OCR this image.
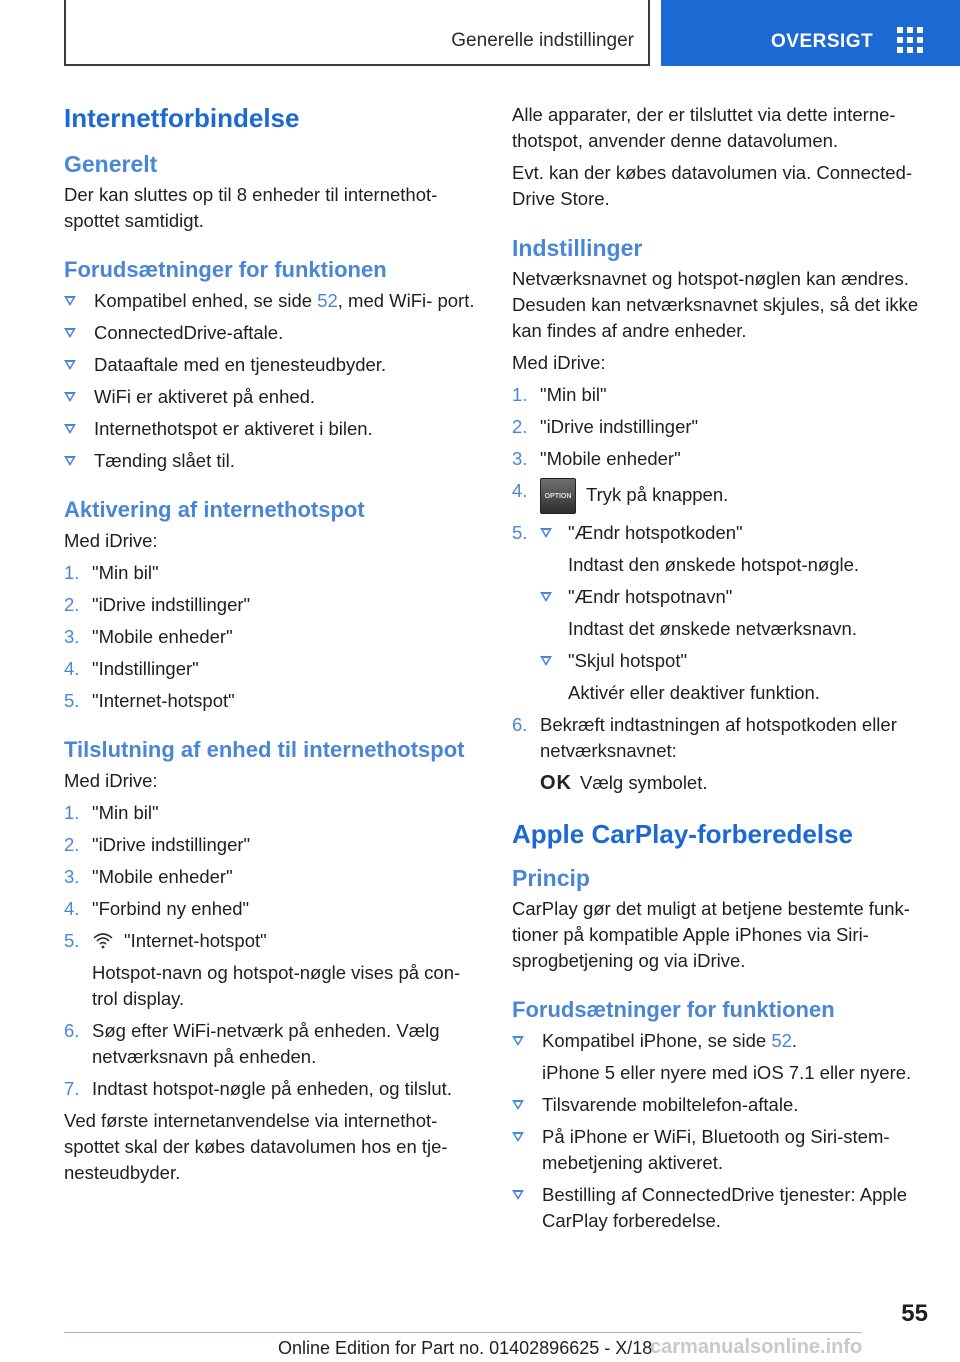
Generelle indstillinger	OVERSIGT
Internetforbindelse
Generelt

Der kan sluttes op til 8 enheder til internethot‐ spottet samtidigt.

Forudsætninger for funktionen
Kompatibel enhed, se side 52, med WiFi‐ port.
ConnectedDrive-aftale.
Dataaftale med en tjenesteudbyder.
WiFi er aktiveret på enhed.
Internethotspot er aktiveret i bilen.
Tænding slået til.
Aktivering af internethotspot

Med iDrive:

1. "Min bil"
2. "iDrive indstillinger"
3. "Mobile enheder"
4. "Indstillinger"
5. "Internet-hotspot"
Tilslutning af enhed til internethotspot

Med iDrive:

1. "Min bil"
2. "iDrive indstillinger"
3. "Mobile enheder"
4. "Forbind ny enhed"
5. "Internet-hotspot"
Hotspot-navn og hotspot-nøgle vises på con‐ trol display.
6. Søg efter WiFi-netværk på enheden. Vælg netværksnavn på enheden.
7. Indtast hotspot-nøgle på enheden, og tilslut.

Ved første internetanvendelse via internethot‐ spottet skal der købes datavolumen hos en tje‐ nesteudbyder.

Alle apparater, der er tilsluttet via dette interne‐ thotspot, anvender denne datavolumen.

Evt. kan der købes datavolumen via. Connected‐ Drive Store.

Indstillinger

Netværksnavnet og hotspot-nøglen kan ændres. Desuden kan netværksnavnet skjules, så det ikke kan findes af andre enheder.

Med iDrive:

1. "Min bil"
2. "iDrive indstillinger"
3. "Mobile enheder"
4. OPTION Tryk på knappen.
5.	"Ændr hotspotkoden"
Indtast den ønskede hotspot-nøgle.
"Ændr hotspotnavn"
Indtast det ønskede netværksnavn.
"Skjul hotspot"
Aktivér eller deaktiver funktion.
6. Bekræft indtastningen af hotspotkoden eller netværksnavnet:
OK Vælg symbolet.
Apple CarPlay-forberedelse
Princip

CarPlay gør det muligt at betjene bestemte funk‐ tioner på kompatible Apple iPhones via Siri- sprogbetjening og via iDrive.

Forudsætninger for funktionen
Kompatibel iPhone, se side 52.
iPhone 5 eller nyere med iOS 7.1 eller nyere.
Tilsvarende mobiltelefon-aftale.
På iPhone er WiFi, Bluetooth og Siri-stem‐ mebetjening aktiveret.
Bestilling af ConnectedDrive tjenester: Apple CarPlay forberedelse.
55
Online Edition for Part no. 01402896625 - X/18
carmanualsonline.info
